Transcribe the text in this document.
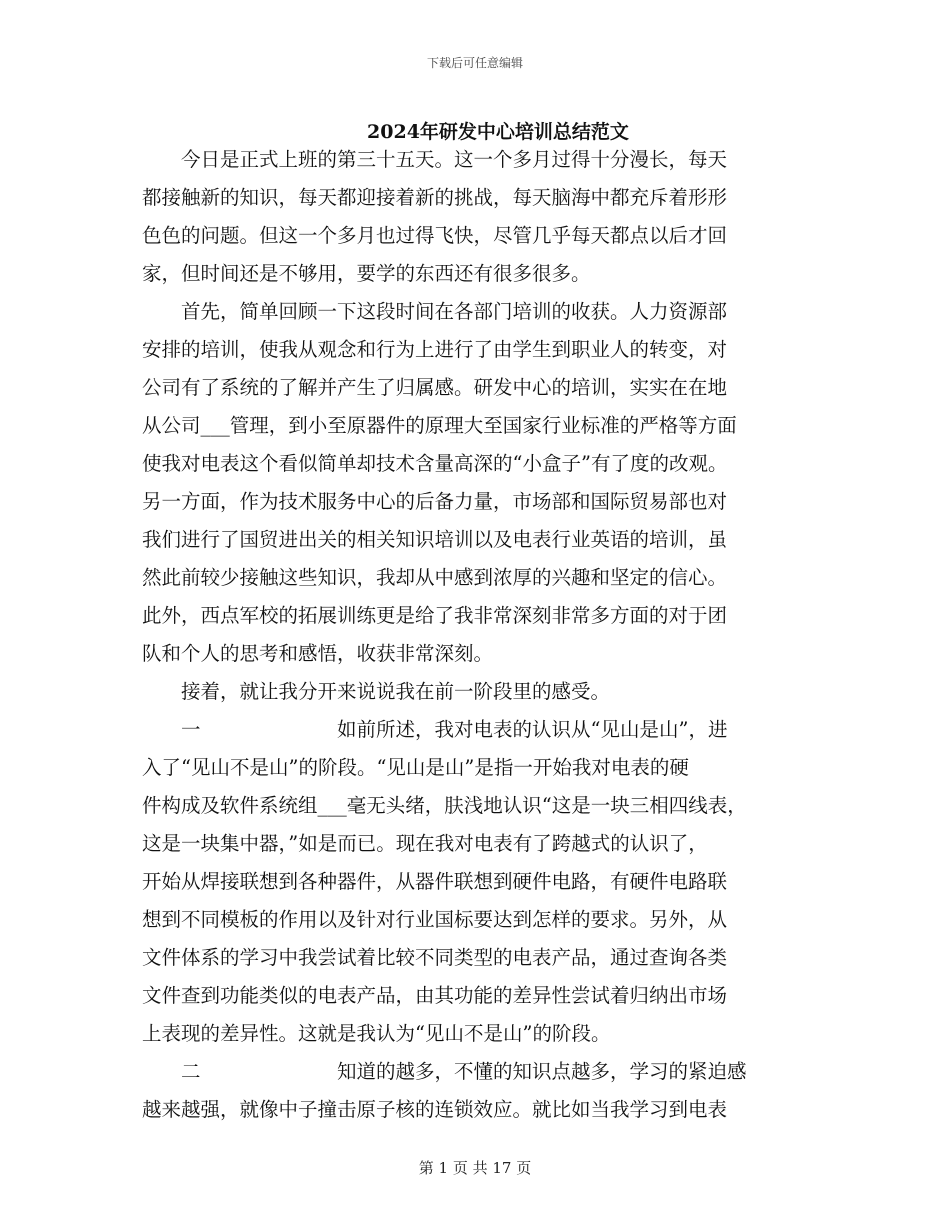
下载后可任意编辑
2024年研发中心培训总结范文
　　今日是正式上班的第三十五天。这一个多月过得十分漫长，每天
都接触新的知识，每天都迎接着新的挑战，每天脑海中都充斥着形形
色色的问题。但这一个多月也过得飞快，尽管几乎每天都点以后才回
家，但时间还是不够用，要学的东西还有很多很多。
　　首先，简单回顾一下这段时间在各部门培训的收获。人力资源部
安排的培训，使我从观念和行为上进行了由学生到职业人的转变，对
公司有了系统的了解并产生了归属感。研发中心的培训，实实在在地
从公司___管理，到小至原器件的原理大至国家行业标准的严格等方面
使我对电表这个看似简单却技术含量高深的“小盒子”有了度的改观。
另一方面，作为技术服务中心的后备力量，市场部和国际贸易部也对
我们进行了国贸进出关的相关知识培训以及电表行业英语的培训，虽
然此前较少接触这些知识，我却从中感到浓厚的兴趣和坚定的信心。
此外，西点军校的拓展训练更是给了我非常深刻非常多方面的对于团
队和个人的思考和感悟，收获非常深刻。
　　接着，就让我分开来说说我在前一阶段里的感受。
　　一　　　　　　　如前所述，我对电表的认识从“见山是山”，进
入了“见山不是山”的阶段。“见山是山”是指一开始我对电表的硬
件构成及软件系统组___毫无头绪，肤浅地认识“这是一块三相四线表，
这是一块集中器，”如是而已。现在我对电表有了跨越式的认识了，
开始从焊接联想到各种器件，从器件联想到硬件电路，有硬件电路联
想到不同模板的作用以及针对行业国标要达到怎样的要求。另外，从
文件体系的学习中我尝试着比较不同类型的电表产品，通过查询各类
文件查到功能类似的电表产品，由其功能的差异性尝试着归纳出市场
上表现的差异性。这就是我认为“见山不是山”的阶段。
　　二　　　　　　　知道的越多，不懂的知识点越多，学习的紧迫感
越来越强，就像中子撞击原子核的连锁效应。就比如当我学习到电表
第 1 页 共 17 页
